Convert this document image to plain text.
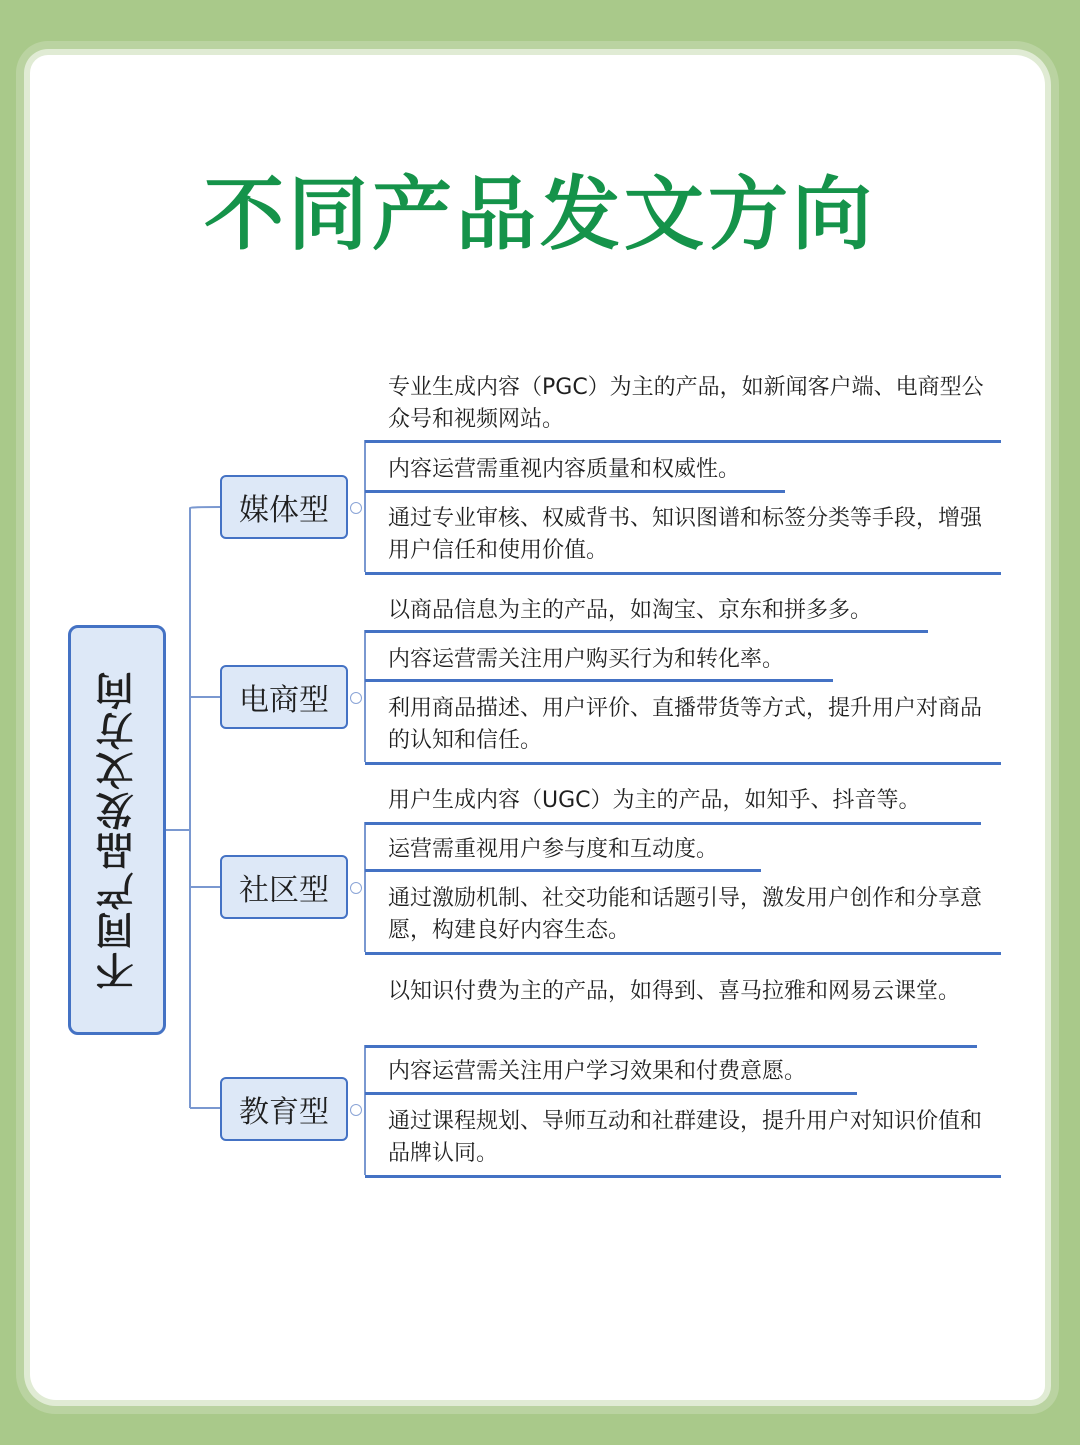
不同产品发文方向
不同产品发文方向
媒体型
专业生成内容（PGC）为主的产品，如新闻客户端、电商型公众号和视频网站。
内容运营需重视内容质量和权威性。
通过专业审核、权威背书、知识图谱和标签分类等手段，增强用户信任和使用价值。
电商型
以商品信息为主的产品，如淘宝、京东和拼多多。
内容运营需关注用户购买行为和转化率。
利用商品描述、用户评价、直播带货等方式，提升用户对商品的认知和信任。
社区型
用户生成内容（UGC）为主的产品，如知乎、抖音等。
运营需重视用户参与度和互动度。
通过激励机制、社交功能和话题引导，激发用户创作和分享意愿，构建良好内容生态。
教育型
以知识付费为主的产品，如得到、喜马拉雅和网易云课堂。
内容运营需关注用户学习效果和付费意愿。
通过课程规划、导师互动和社群建设，提升用户对知识价值和品牌认同。
